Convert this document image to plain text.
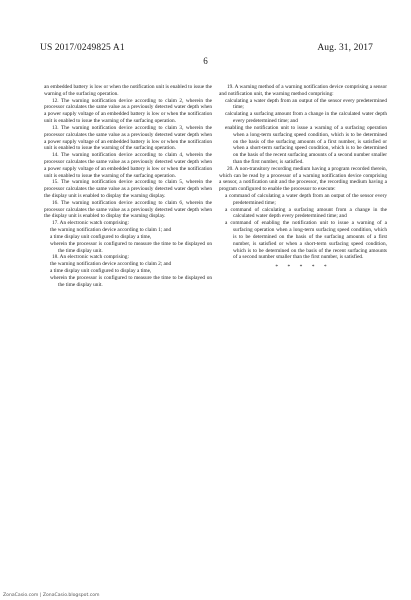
US 2017/0249825 A1	Aug. 31, 2017
6

an embedded battery is low or when the notification unit is enabled to issue the warning of the surfacing operation.

12. The warning notification device according to claim 2, wherein the processor calculates the same value as a previously detected water depth when a power supply voltage of an embedded battery is low or when the notification unit is enabled to issue the warning of the surfacing operation.

13. The warning notification device according to claim 3, wherein the processor calculates the same value as a previously detected water depth when a power supply voltage of an embedded battery is low or when the notification unit is enabled to issue the warning of the surfacing operation.

14. The warning notification device according to claim 4, wherein the processor calculates the same value as a previously detected water depth when a power supply voltage of an embedded battery is low or when the notification unit is enabled to issue the warning of the surfacing operation.

15. The warning notification device according to claim 5, wherein the processor calculates the same value as a previously detected water depth when the display unit is enabled to display the warning display.

16. The warning notification device according to claim 6, wherein the processor calculates the same value as a previously detected water depth when the display unit is enabled to display the warning display.

17. An electronic watch comprising:

the warning notification device according to claim 1; and

a time display unit configured to display a time,

wherein the processor is configured to measure the time to be displayed on the time display unit.

18. An electronic watch comprising:

the warning notification device according to claim 2; and

a time display unit configured to display a time,

wherein the processor is configured to measure the time to be displayed on the time display unit.

19. A warning method of a warning notification device comprising a sensor and notification unit, the warning method comprising:

calculating a water depth from an output of the sensor every predetermined time;

calculating a surfacing amount from a change in the calculated water depth every predetermined time; and

enabling the notification unit to issue a warning of a surfacing operation when a long-term surfacing speed condition, which is to be determined on the basis of the surfacing amounts of a first number, is satisfied or when a short-term surfacing speed condition, which is to be determined on the basis of the recent surfacing amounts of a second number smaller than the first number, is satisfied.

20. A non-transitory recording medium having a program recorded therein, which can be read by a processor of a warning notification device comprising a sensor, a notification unit and the processor, the recording medium having a program configured to enable the processor to execute:

a command of calculating a water depth from an output of the sensor every predetermined time;

a command of calculating a surfacing amount from a change in the calculated water depth every predetermined time; and

a command of enabling the notification unit to issue a warning of a surfacing operation when a long-term surfacing speed condition, which is to be determined on the basis of the surfacing amounts of a first number, is satisfied or when a short-term surfacing speed condition, which is to be determined on the basis of the recent surfacing amounts of a second number smaller than the first number, is satisfied.

* * * * *
ZonaCasio.com | ZonaCasio.blogspot.com
